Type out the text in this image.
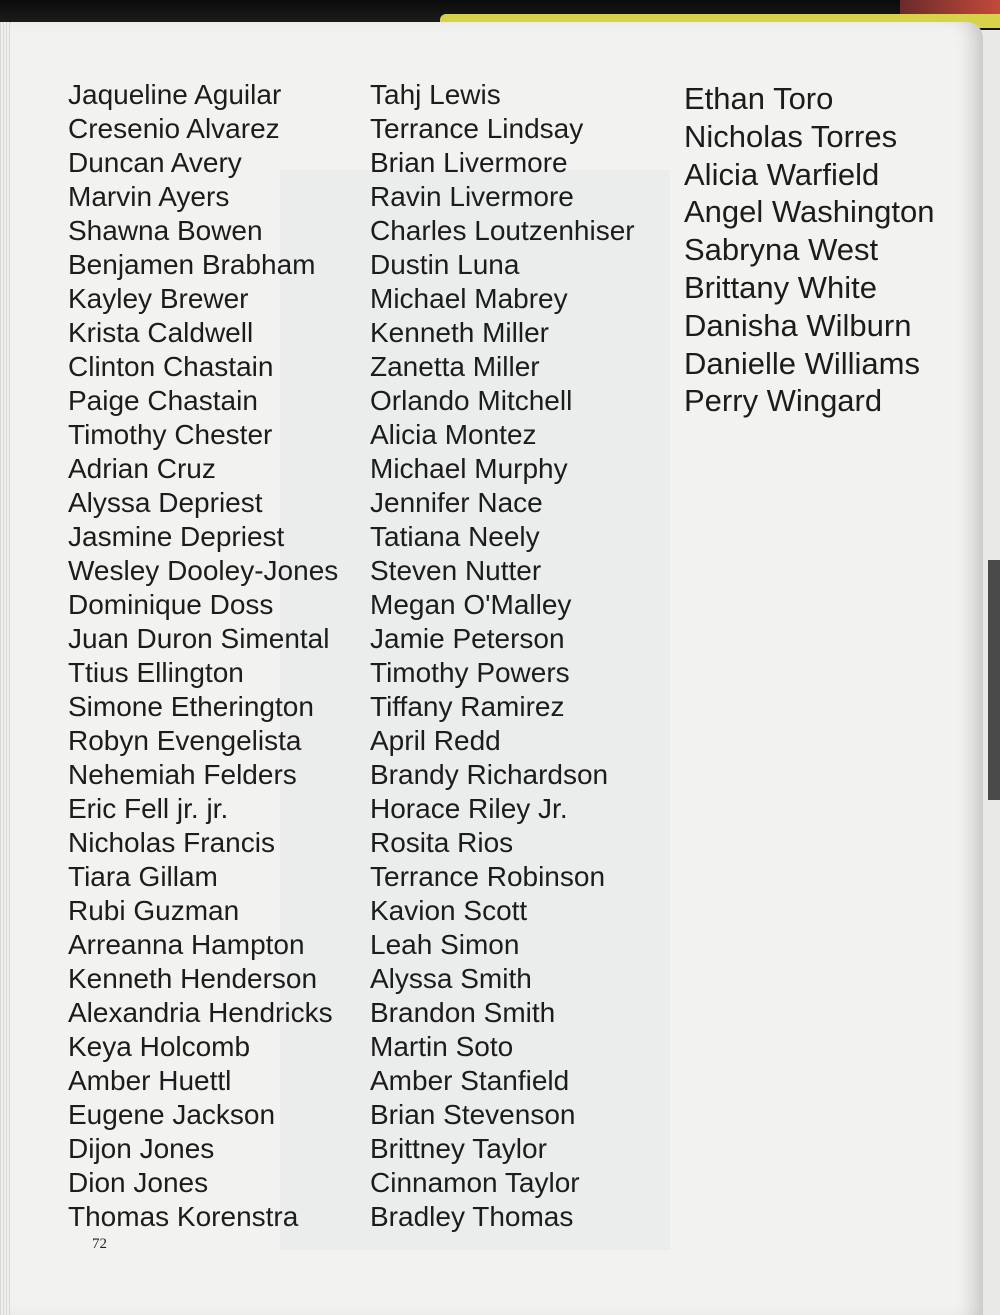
Jaqueline Aguilar
Cresenio Alvarez
Duncan Avery
Marvin Ayers
Shawna Bowen
Benjamen Brabham
Kayley Brewer
Krista Caldwell
Clinton Chastain
Paige Chastain
Timothy Chester
Adrian Cruz
Alyssa Depriest
Jasmine Depriest
Wesley Dooley-Jones
Dominique Doss
Juan Duron Simental
Ttius Ellington
Simone Etherington
Robyn Evengelista
Nehemiah Felders
Eric Fell jr. jr.
Nicholas Francis
Tiara Gillam
Rubi Guzman
Arreanna Hampton
Kenneth Henderson
Alexandria Hendricks
Keya Holcomb
Amber Huettl
Eugene Jackson
Dijon Jones
Dion Jones
Thomas Korenstra
Tahj Lewis
Terrance Lindsay
Brian Livermore
Ravin Livermore
Charles Loutzenhiser
Dustin Luna
Michael Mabrey
Kenneth Miller
Zanetta Miller
Orlando Mitchell
Alicia Montez
Michael Murphy
Jennifer Nace
Tatiana Neely
Steven Nutter
Megan O'Malley
Jamie Peterson
Timothy Powers
Tiffany Ramirez
April Redd
Brandy Richardson
Horace Riley Jr.
Rosita Rios
Terrance Robinson
Kavion Scott
Leah Simon
Alyssa Smith
Brandon Smith
Martin Soto
Amber Stanfield
Brian Stevenson
Brittney Taylor
Cinnamon Taylor
Bradley Thomas
Ethan Toro
Nicholas Torres
Alicia Warfield
Angel Washington
Sabryna West
Brittany White
Danisha Wilburn
Danielle Williams
Perry Wingard
72
